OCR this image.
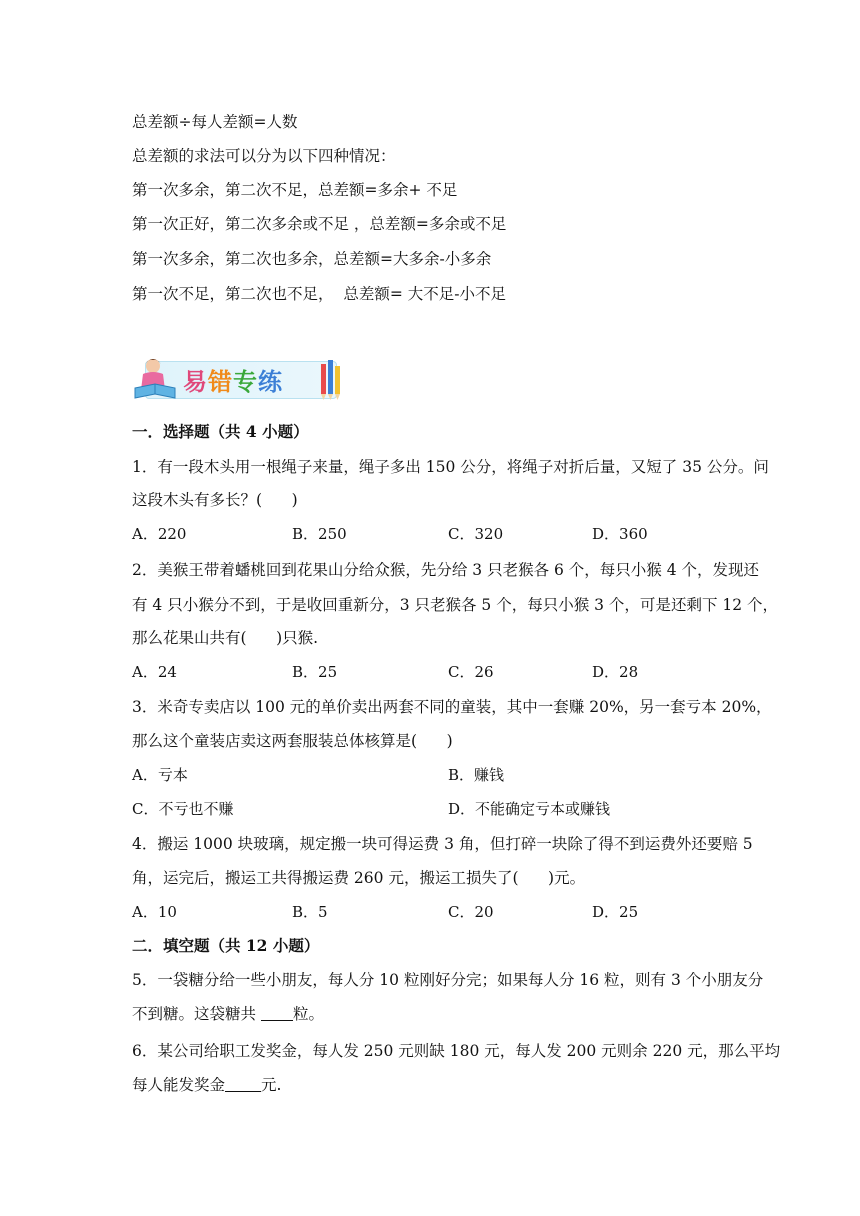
总差额÷每人差额=人数
总差额的求法可以分为以下四种情况：
第一次多余，第二次不足，总差额=多余+ 不足
第一次正好，第二次多余或不足 ，总差额=多余或不足
第一次多余，第二次也多余，总差额=大多余-小多余
第一次不足，第二次也不足，  总差额= 大不足-小不足
易错专练
一．选择题（共 4 小题）
1．有一段木头用一根绳子来量，绳子多出 150 公分，将绳子对折后量，又短了 35 公分。问
这段木头有多长？(      )
A．220	B．250	C．320	D．360
2．美猴王带着蟠桃回到花果山分给众猴，先分给 3 只老猴各 6 个，每只小猴 4 个，发现还
有 4 只小猴分不到，于是收回重新分，3 只老猴各 5 个，每只小猴 3 个，可是还剩下 12 个，
那么花果山共有(      )只猴.
A．24	B．25	C．26	D．28
3．米奇专卖店以 100 元的单价卖出两套不同的童装，其中一套赚 20%，另一套亏本 20%，
那么这个童装店卖这两套服装总体核算是(      )
A．亏本	B．赚钱
C．不亏也不赚	D．不能确定亏本或赚钱
4．搬运 1000 块玻璃，规定搬一块可得运费 3 角，但打碎一块除了得不到运费外还要赔 5
角，运完后，搬运工共得搬运费 260 元，搬运工损失了(      )元。
A．10	B．5	C．20	D．25
二．填空题（共 12 小题）
5．一袋糖分给一些小朋友，每人分 10 粒刚好分完；如果每人分 16 粒，则有 3 个小朋友分
不到糖。这袋糖共 粒。
6．某公司给职工发奖金，每人发 250 元则缺 180 元，每人发 200 元则余 220 元，那么平均
每人能发奖金 元.
